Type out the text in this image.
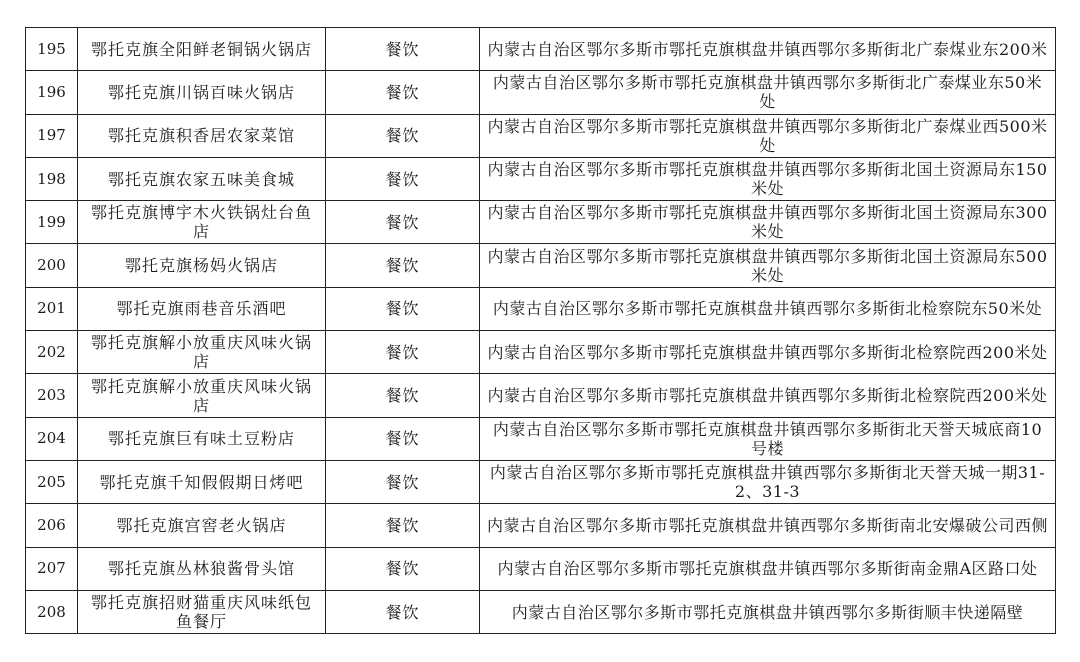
195	鄂托克旗全阳鲜老铜锅火锅店	餐饮	内蒙古自治区鄂尔多斯市鄂托克旗棋盘井镇西鄂尔多斯街北广泰煤业东200米
196	鄂托克旗川锅百味火锅店	餐饮	内蒙古自治区鄂尔多斯市鄂托克旗棋盘井镇西鄂尔多斯街北广泰煤业东50米处
197	鄂托克旗积香居农家菜馆	餐饮	内蒙古自治区鄂尔多斯市鄂托克旗棋盘井镇西鄂尔多斯街北广泰煤业西500米处
198	鄂托克旗农家五味美食城	餐饮	内蒙古自治区鄂尔多斯市鄂托克旗棋盘井镇西鄂尔多斯街北国土资源局东150米处
199	鄂托克旗博宇木火铁锅灶台鱼店	餐饮	内蒙古自治区鄂尔多斯市鄂托克旗棋盘井镇西鄂尔多斯街北国土资源局东300米处
200	鄂托克旗杨妈火锅店	餐饮	内蒙古自治区鄂尔多斯市鄂托克旗棋盘井镇西鄂尔多斯街北国土资源局东500米处
201	鄂托克旗雨巷音乐酒吧	餐饮	内蒙古自治区鄂尔多斯市鄂托克旗棋盘井镇西鄂尔多斯街北检察院东50米处
202	鄂托克旗解小放重庆风味火锅店	餐饮	内蒙古自治区鄂尔多斯市鄂托克旗棋盘井镇西鄂尔多斯街北检察院西200米处
203	鄂托克旗解小放重庆风味火锅店	餐饮	内蒙古自治区鄂尔多斯市鄂托克旗棋盘井镇西鄂尔多斯街北检察院西200米处
204	鄂托克旗巨有味土豆粉店	餐饮	内蒙古自治区鄂尔多斯市鄂托克旗棋盘井镇西鄂尔多斯街北天誉天城底商10号楼
205	鄂托克旗千知假假期日烤吧	餐饮	内蒙古自治区鄂尔多斯市鄂托克旗棋盘井镇西鄂尔多斯街北天誉天城一期31-2、31-3
206	鄂托克旗宫窖老火锅店	餐饮	内蒙古自治区鄂尔多斯市鄂托克旗棋盘井镇西鄂尔多斯街南北安爆破公司西侧
207	鄂托克旗丛林狼酱骨头馆	餐饮	内蒙古自治区鄂尔多斯市鄂托克旗棋盘井镇西鄂尔多斯街南金鼎A区路口处
208	鄂托克旗招财猫重庆风味纸包鱼餐厅	餐饮	内蒙古自治区鄂尔多斯市鄂托克旗棋盘井镇西鄂尔多斯街顺丰快递隔壁
